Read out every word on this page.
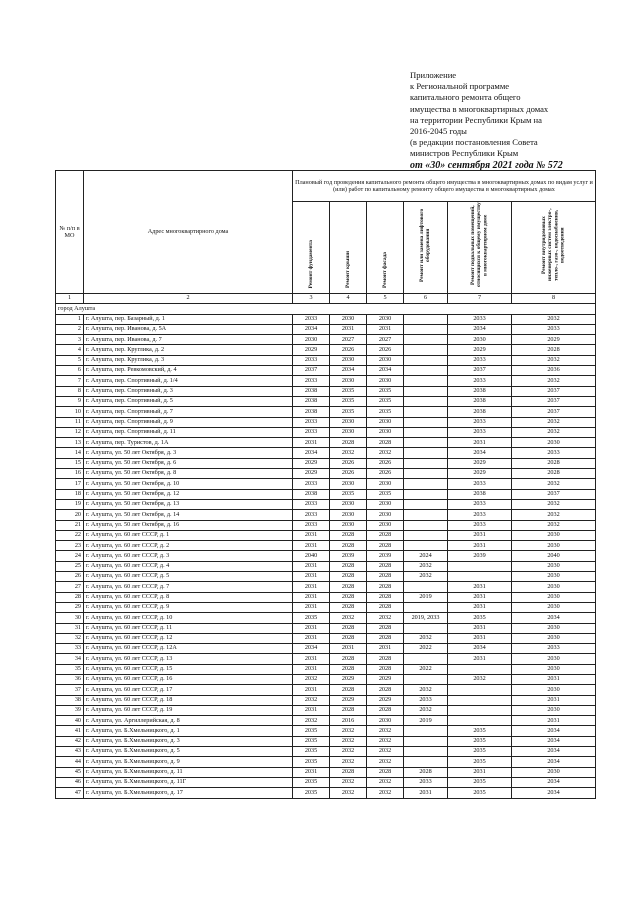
Приложение
к Региональной программе
капитального ремонта общего
имущества в многоквартирных домах
на территории Республики Крым на
2016-2045 годы
(в редакции постановления Совета
министров Республики Крым
от «30» сентября 2021 года № 572
№ п/п в МО	Адрес многоквартирного дома	Плановый год проведения капитального ремонта общего имущества в многоквартирных домах по видам услуг и (или) работ по капитальному ремонту общего имущества в многоквартирных домах					
		Ремонт фундамента	Ремонт крыши	Ремонт фасада	Ремонт или замена лифтового оборудования	Ремонт подвальных помещений, относящихся к общему имуществу в многоквартирном доме	Ремонт внутридомовых инженерных систем электро-, тепло-, газо-, водоснабжения, водоотведения
1	2	3	4	5	6	7	8
город Алушта							
1	г. Алушта, пер. Базарный, д. 1	2033	2030	2030		2033	2032
2	г. Алушта, пер. Иванова, д. 5А	2034	2031	2031		2034	2033
3	г. Алушта, пер. Иванова, д. 7	2030	2027	2027		2030	2029
4	г. Алушта, пер. Круглика, д. 2	2029	2026	2026		2029	2028
5	г. Алушта, пер. Круглика, д. 3	2033	2030	2030		2033	2032
6	г. Алушта, пер. Ревкомовский, д. 4	2037	2034	2034		2037	2036
7	г. Алушта, пер. Спортивный, д. 1/4	2033	2030	2030		2033	2032
8	г. Алушта, пер. Спортивный, д. 3	2038	2035	2035		2038	2037
9	г. Алушта, пер. Спортивный, д. 5	2038	2035	2035		2038	2037
10	г. Алушта, пер. Спортивный, д. 7	2038	2035	2035		2038	2037
11	г. Алушта, пер. Спортивный, д. 9	2033	2030	2030		2033	2032
12	г. Алушта, пер. Спортивный, д. 11	2033	2030	2030		2033	2032
13	г. Алушта, пер. Туристов, д. 1А	2031	2028	2028		2031	2030
14	г. Алушта, ул. 50 лет Октября, д. 3	2034	2032	2032		2034	2033
15	г. Алушта, ул. 50 лет Октября, д. 6	2029	2026	2026		2029	2028
16	г. Алушта, ул. 50 лет Октября, д. 8	2029	2026	2026		2029	2028
17	г. Алушта, ул. 50 лет Октября, д. 10	2033	2030	2030		2033	2032
18	г. Алушта, ул. 50 лет Октября, д. 12	2038	2035	2035		2038	2037
19	г. Алушта, ул. 50 лет Октября, д. 13	2033	2030	2030		2033	2032
20	г. Алушта, ул. 50 лет Октября, д. 14	2033	2030	2030		2033	2032
21	г. Алушта, ул. 50 лет Октября, д. 16	2033	2030	2030		2033	2032
22	г. Алушта, ул. 60 лет СССР, д. 1	2031	2028	2028		2031	2030
23	г. Алушта, ул. 60 лет СССР, д. 2	2031	2028	2028		2031	2030
24	г. Алушта, ул. 60 лет СССР, д. 3	2040	2039	2039	2024	2039	2040
25	г. Алушта, ул. 60 лет СССР, д. 4	2031	2028	2028	2032		2030
26	г. Алушта, ул. 60 лет СССР, д. 5	2031	2028	2028	2032		2030
27	г. Алушта, ул. 60 лет СССР, д. 7	2031	2028	2028		2031	2030
28	г. Алушта, ул. 60 лет СССР, д. 8	2031	2028	2028	2019	2031	2030
29	г. Алушта, ул. 60 лет СССР, д. 9	2031	2028	2028		2031	2030
30	г. Алушта, ул. 60 лет СССР, д. 10	2035	2032	2032	2019, 2033	2035	2034
31	г. Алушта, ул. 60 лет СССР, д. 11	2031	2028	2028		2031	2030
32	г. Алушта, ул. 60 лет СССР, д. 12	2031	2028	2028	2032	2031	2030
33	г. Алушта, ул. 60 лет СССР, д. 12А	2034	2031	2031	2022	2034	2033
34	г. Алушта, ул. 60 лет СССР, д. 13	2031	2028	2028		2031	2030
35	г. Алушта, ул. 60 лет СССР, д. 15	2031	2028	2028	2022		2030
36	г. Алушта, ул. 60 лет СССР, д. 16	2032	2029	2029		2032	2031
37	г. Алушта, ул. 60 лет СССР, д. 17	2031	2028	2028	2032		2030
38	г. Алушта, ул. 60 лет СССР, д. 18	2032	2029	2029	2033		2031
39	г. Алушта, ул. 60 лет СССР, д. 19	2031	2028	2028	2032		2030
40	г. Алушта, ул. Аргиллерийская, д. 8	2032	2016	2030	2019		2031
41	г. Алушта, ул. Б.Хмельницкого, д. 1	2035	2032	2032		2035	2034
42	г. Алушта, ул. Б.Хмельницкого, д. 3	2035	2032	2032		2035	2034
43	г. Алушта, ул. Б.Хмельницкого, д. 5	2035	2032	2032		2035	2034
44	г. Алушта, ул. Б.Хмельницкого, д. 9	2035	2032	2032		2035	2034
45	г. Алушта, ул. Б.Хмельницкого, д. 11	2031	2028	2028	2028	2031	2030
46	г. Алушта, ул. Б.Хмельницкого, д. 11Г	2035	2032	2032	2033	2035	2034
47	г. Алушта, ул. Б.Хмельницкого, д. 17	2035	2032	2032	2031	2035	2034
